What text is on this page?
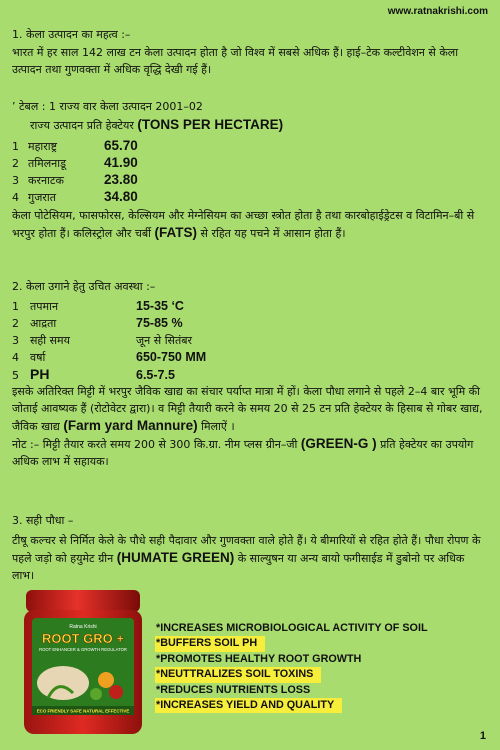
www.ratnakrishi.com
1. केला उत्पादन का महत्व :–
भारत में हर साल 142 लाख टन केला उत्पादन होता है जो विश्व में सबसे अधिक हैं। हाई–टेक कल्टीवेशन से केला उत्पादन तथा गुणवक्ता में अधिक वृद्धि देखी गई हैं।
’ टेबल : 1 राज्य वार केला उत्पादन 2001–02
राज्य उत्पादन प्रति हेक्टेयर (TONS PER HECTARE)
1 महाराष्ट्र	65.70
2 तमिलनाडू	41.90
3 करनाटक	23.80
4 गुजरात	34.80
केला पोटेसियम, फासफोरस, केल्सियम और मेग्नेसियम का अच्छा स्त्रोत होता है तथा कारबोहाईड्रेटस व विटामिन–बी से भरपुर होता हैं। कलिस्ट्रोल और चर्बी (FATS) से रहित यह पचने में आसान होता हैं।
2. केला उगाने हेतु उचित अवस्था :–
1	तपमान	15-35 ‘C
2	आद्रता	75-85 %
3	सही समय	जून से सितंबर
4	वर्षा	650-750 MM
5 PH	6.5-7.5
इसके अतिरिक्त मिट्टी में भरपुर जैविक खाद्य का संचार पर्याप्त मात्रा में हों। केला पौधा लगाने से पहले 2–4 बार भूमि की जोताई आवष्यक हैं (रोटोवेटर द्वारा)। व मिट्टी तैयारी करने के समय 20 से 25 टन प्रति हेक्टेयर के हिसाब से गोबर खाद्य, जैविक खाद्य (Farm yard Mannure) मिलाऐं ।
नोट :– मिट्टी तैयार करते समय 200 से 300 कि.ग्रा. नीम प्लस ग्रीन–जी (GREEN-G ) प्रति हेक्टेयर का उपयोग अधिक लाभ में सहायक।
3. सही पौधा –
टीषू कल्चर से निर्मित केले के पौधे सही पैदावार और गुणवक्ता वाले होते हैं। ये बीमारियों से रहित होते हैं। पौधा रोपण के पहले जड़ो को हयुमेट ग्रीन (HUMATE GREEN) के साल्युषन या अन्य बायो फगीसाईड में डुबोनो पर अधिक लाभ।
Ratna Krishi
ROOT GRO +
ROOT ENHANCER & GROWTH REGULATOR
ECO FRIENDLY SAFE NATURAL EFFECTIVE
*INCREASES MICROBIOLOGICAL ACTIVITY OF SOIL
*BUFFERS SOIL PH
*PROMOTES HEALTHY ROOT GROWTH
*NEUTTRALIZES SOIL TOXINS
*REDUCES NUTRIENTS LOSS
*INCREASES YIELD AND QUALITY
1
